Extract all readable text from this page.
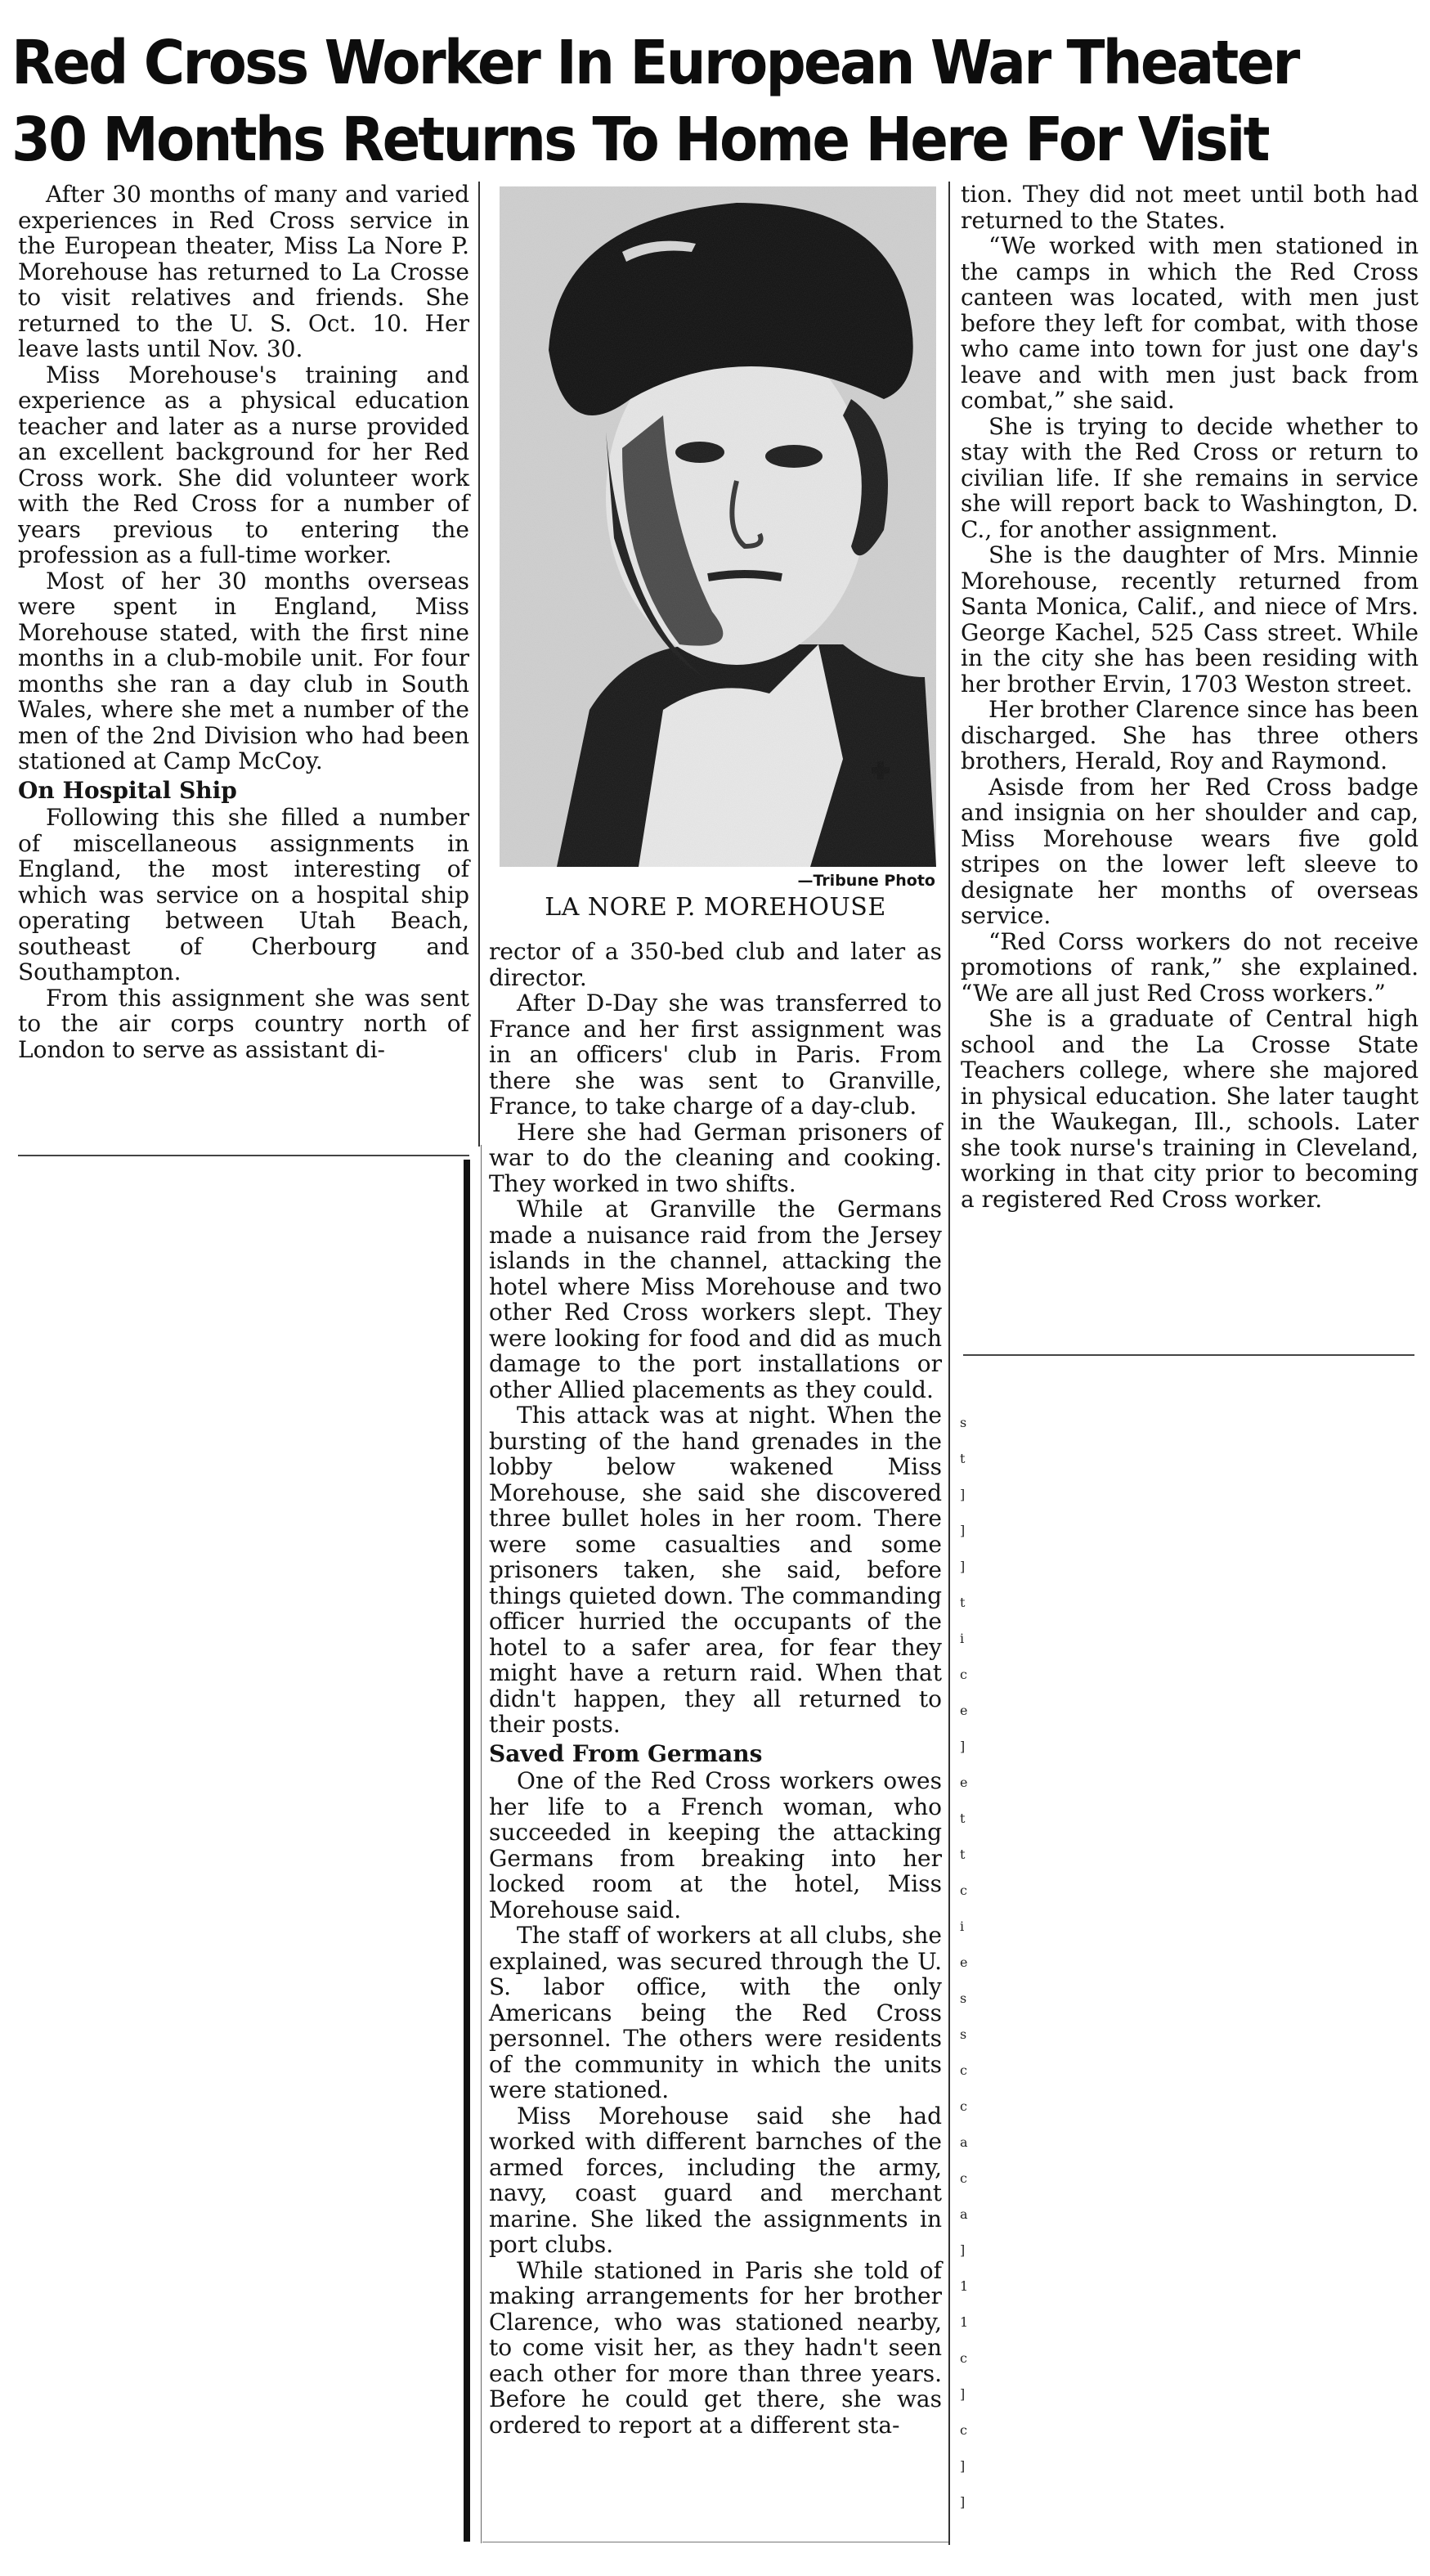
Red Cross Worker In European War Theater
30 Months Returns To Home Here For Visit
—Tribune Photo
LA NORE P. MOREHOUSE

After 30 months of many and varied experiences in Red Cross service in the European theater, Miss La Nore P. Morehouse has returned to La Crosse to visit relatives and friends. She returned to the U. S. Oct. 10. Her leave lasts until Nov. 30.

Miss Morehouse's training and experience as a physical education teacher and later as a nurse provided an excellent background for her Red Cross work. She did volunteer work with the Red Cross for a number of years previous to entering the profession as a full-time worker.

Most of her 30 months overseas were spent in England, Miss Morehouse stated, with the first nine months in a club-mobile unit. For four months she ran a day club in South Wales, where she met a number of the men of the 2nd Division who had been stationed at Camp McCoy.

On Hospital Ship

Following this she filled a number of miscellaneous assignments in England, the most interesting of which was service on a hospital ship operating between Utah Beach, southeast of Cherbourg and Southampton.

From this assignment she was sent to the air corps country north of London to serve as assistant di-

rector of a 350-bed club and later as director.

After D-Day she was transferred to France and her first assignment was in an officers' club in Paris. From there she was sent to Granville, France, to take charge of a day-club.

Here she had German prisoners of war to do the cleaning and cooking. They worked in two shifts.

While at Granville the Germans made a nuisance raid from the Jersey islands in the channel, attacking the hotel where Miss Morehouse and two other Red Cross workers slept. They were looking for food and did as much damage to the port installations or other Allied placements as they could.

This attack was at night. When the bursting of the hand grenades in the lobby below wakened Miss Morehouse, she said she discovered three bullet holes in her room. There were some casualties and some prisoners taken, she said, before things quieted down. The commanding officer hurried the occupants of the hotel to a safer area, for fear they might have a return raid. When that didn't happen, they all returned to their posts.

Saved From Germans

One of the Red Cross workers owes her life to a French woman, who succeeded in keeping the attacking Germans from breaking into her locked room at the hotel, Miss Morehouse said.

The staff of workers at all clubs, she explained, was secured through the U. S. labor office, with the only Americans being the Red Cross personnel. The others were residents of the community in which the units were stationed.

Miss Morehouse said she had worked with different barnches of the armed forces, including the army, navy, coast guard and merchant marine. She liked the assignments in port clubs.

While stationed in Paris she told of making arrangements for her brother Clarence, who was stationed nearby, to come visit her, as they hadn't seen each other for more than three years. Before he could get there, she was ordered to report at a different sta-

tion. They did not meet until both had returned to the States.

“We worked with men stationed in the camps in which the Red Cross canteen was located, with men just before they left for combat, with those who came into town for just one day's leave and with men just back from combat,” she said.

She is trying to decide whether to stay with the Red Cross or return to civilian life. If she remains in service she will report back to Washington, D. C., for another assignment.

She is the daughter of Mrs. Minnie Morehouse, recently returned from Santa Monica, Calif., and niece of Mrs. George Kachel, 525 Cass street. While in the city she has been residing with her brother Ervin, 1703 Weston street.

Her brother Clarence since has been discharged. She has three others brothers, Herald, Roy and Raymond.

Asisde from her Red Cross badge and insignia on her shoulder and cap, Miss Morehouse wears five gold stripes on the lower left sleeve to designate her months of overseas service.

“Red Corss workers do not receive promotions of rank,” she explained. “We are all just Red Cross workers.”

She is a graduate of Central high school and the La Crosse State Teachers college, where she majored in physical education. She later taught in the Waukegan, Ill., schools. Later she took nurse's training in Cleveland, working in that city prior to becoming a registered Red Cross worker.

s
t
]
]
]
t
i
c
e
]
e
t
t
c
i
e
s
s
c
c
a
c
a
]
1
1
c
]
c
]
]
